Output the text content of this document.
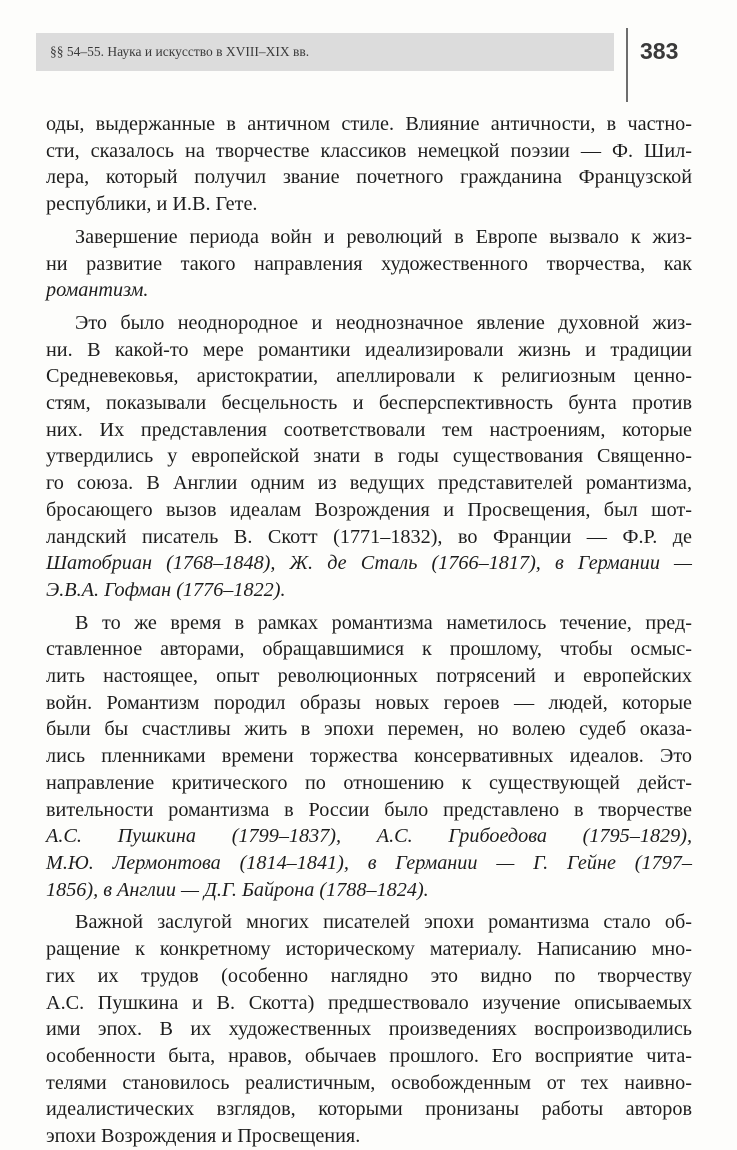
§§ 54–55. Наука и искусство в XVIII–XIX вв.	383
оды, выдержанные в античном стиле. Влияние античности, в частно-
сти, сказалось на творчестве классиков немецкой поэзии — Ф. Шил-
лера, который получил звание почетного гражданина Французской
республики, и И.В. Гете.
Завершение периода войн и революций в Европе вызвало к жиз-
ни развитие такого направления художественного творчества, как
романтизм.
Это было неоднородное и неоднозначное явление духовной жиз-
ни. В какой-то мере романтики идеализировали жизнь и традиции
Средневековья, аристократии, апеллировали к религиозным ценно-
стям, показывали бесцельность и бесперспективность бунта против
них. Их представления соответствовали тем настроениям, которые
утвердились у европейской знати в годы существования Священно-
го союза. В Англии одним из ведущих представителей романтизма,
бросающего вызов идеалам Возрождения и Просвещения, был шот-
ландский писатель В. Скотт (1771–1832), во Франции — Ф.Р. де
Шатобриан (1768–1848), Ж. де Сталь (1766–1817), в Германии —
Э.В.А. Гофман (1776–1822).
В то же время в рамках романтизма наметилось течение, пред-
ставленное авторами, обращавшимися к прошлому, чтобы осмыс-
лить настоящее, опыт революционных потрясений и европейских
войн. Романтизм породил образы новых героев — людей, которые
были бы счастливы жить в эпохи перемен, но волею судеб оказа-
лись пленниками времени торжества консервативных идеалов. Это
направление критического по отношению к существующей дейст-
вительности романтизма в России было представлено в творчестве
А.С. Пушкина (1799–1837), А.С. Грибоедова (1795–1829),
М.Ю. Лермонтова (1814–1841), в Германии — Г. Гейне (1797–
1856), в Англии — Д.Г. Байрона (1788–1824).
Важной заслугой многих писателей эпохи романтизма стало об-
ращение к конкретному историческому материалу. Написанию мно-
гих их трудов (особенно наглядно это видно по творчеству
А.С. Пушкина и В. Скотта) предшествовало изучение описываемых
ими эпох. В их художественных произведениях воспроизводились
особенности быта, нравов, обычаев прошлого. Его восприятие чита-
телями становилось реалистичным, освобожденным от тех наивно-
идеалистических взглядов, которыми пронизаны работы авторов
эпохи Возрождения и Просвещения.
